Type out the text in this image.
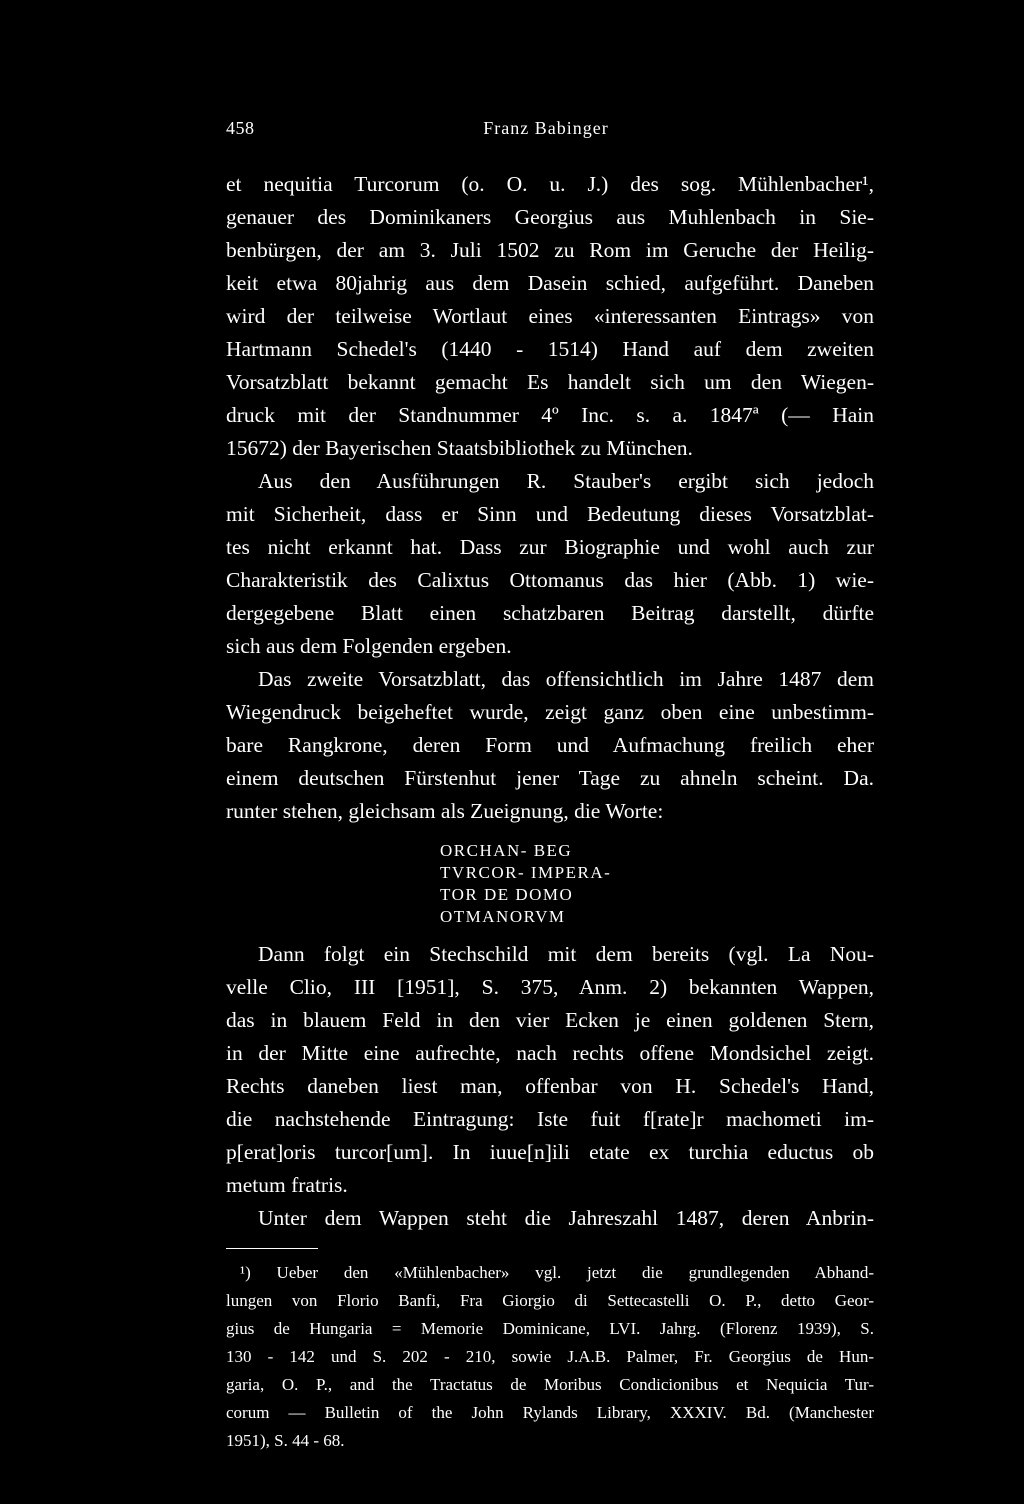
458	Franz Babinger
et nequitia Turcorum (o. O. u. J.) des sog. Mühlenbacher¹,
genauer des Dominikaners Georgius aus Muhlenbach in Sie-
benbürgen, der am 3. Juli 1502 zu Rom im Geruche der Heilig-
keit etwa 80jahrig aus dem Dasein schied, aufgeführt. Daneben
wird der teilweise Wortlaut eines «interessanten Eintrags» von
Hartmann Schedel's (1440 - 1514) Hand auf dem zweiten
Vorsatzblatt bekannt gemacht Es handelt sich um den Wiegen-
druck mit der Standnummer 4º Inc. s. a. 1847ª (— Hain
15672) der Bayerischen Staatsbibliothek zu München.
Aus den Ausführungen R. Stauber's ergibt sich jedoch
mit Sicherheit, dass er Sinn und Bedeutung dieses Vorsatzblat-
tes nicht erkannt hat. Dass zur Biographie und wohl auch zur
Charakteristik des Calixtus Ottomanus das hier (Abb. 1) wie-
dergegebene Blatt einen schatzbaren Beitrag darstellt, dürfte
sich aus dem Folgenden ergeben.
Das zweite Vorsatzblatt, das offensichtlich im Jahre 1487 dem
Wiegendruck beigeheftet wurde, zeigt ganz oben eine unbestimm-
bare Rangkrone, deren Form und Aufmachung freilich eher
einem deutschen Fürstenhut jener Tage zu ahneln scheint. Da.
runter stehen, gleichsam als Zueignung, die Worte:
ORCHAN- BEG
TVRCOR- IMPERA-
TOR DE DOMO
OTMANORVM
Dann folgt ein Stechschild mit dem bereits (vgl. La Nou-
velle Clio, III [1951], S. 375, Anm. 2) bekannten Wappen,
das in blauem Feld in den vier Ecken je einen goldenen Stern,
in der Mitte eine aufrechte, nach rechts offene Mondsichel zeigt.
Rechts daneben liest man, offenbar von H. Schedel's Hand,
die nachstehende Eintragung: Iste fuit f[rate]r machometi im-
p[erat]oris turcor[um]. In iuue[n]ili etate ex turchia eductus ob
metum fratris.
Unter dem Wappen steht die Jahreszahl 1487, deren Anbrin-
¹) Ueber den «Mühlenbacher» vgl. jetzt die grundlegenden Abhand-
lungen von Florio Banfi, Fra Giorgio di Settecastelli O. P., detto Geor-
gius de Hungaria = Memorie Dominicane, LVI. Jahrg. (Florenz 1939), S.
130 - 142 und S. 202 - 210, sowie J.A.B. Palmer, Fr. Georgius de Hun-
garia, O. P., and the Tractatus de Moribus Condicionibus et Nequicia Tur-
corum — Bulletin of the John Rylands Library, XXXIV. Bd. (Manchester
1951), S. 44 - 68.
